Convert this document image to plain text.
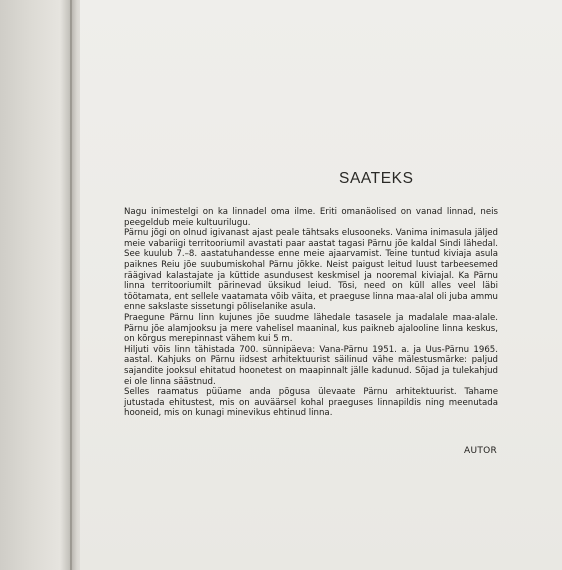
SAATEKS

Nagu inimestelgi on ka linnadel oma ilme. Eriti omanäolised on vanad linnad, neis peegeldub meie kultuurilugu.

Pärnu jõgi on olnud igivanast ajast peale tähtsaks elusooneks. Vanima inimasula jäljed meie vabariigi territooriumil avastati paar aastat tagasi Pärnu jõe kaldal Sindi lähedal. See kuulub 7.–8. aastatuhandesse enne meie ajaarvamist. Teine tuntud kiviaja asula paiknes Reiu jõe suubumiskohal Pärnu jõkke. Neist paigust leitud luust tarbeesemed räägivad kalastajate ja küttide asundusest keskmisel ja nooremal kiviajal. Ka Pärnu linna territooriumilt pärinevad üksikud leiud. Tõsi, need on küll alles veel läbi töötamata, ent sellele vaatamata võib väita, et praeguse linna maa-alal oli juba ammu enne sakslaste sissetungi põliselanike asula.

Praegune Pärnu linn kujunes jõe suudme lähedale tasasele ja madalale maa-alale. Pärnu jõe alamjooksu ja mere vahelisel maaninal, kus paikneb ajalooline linna keskus, on kõrgus merepinnast vähem kui 5 m.

Hiljuti võis linn tähistada 700. sünnipäeva: Vana-Pärnu 1951. a. ja Uus-Pärnu 1965. aastal. Kahjuks on Pärnu iidsest arhitektuurist säilinud vähe mälestusmärke: paljud sajandite jooksul ehitatud hoonetest on maapinnalt jälle kadunud. Sõjad ja tulekahjud ei ole linna säästnud.

Selles raamatus püüame anda põgusa ülevaate Pärnu arhitektuurist. Tahame jutustada ehitustest, mis on auväärsel kohal praeguses linnapildis ning meenutada hooneid, mis on kunagi minevikus ehtinud linna.

AUTOR
